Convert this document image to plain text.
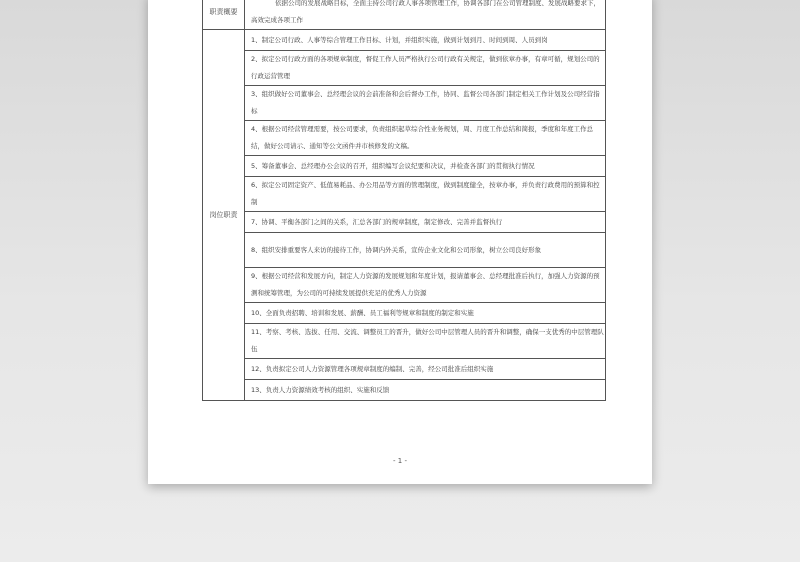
职责概要	依据公司的发展战略目标，全面主持公司行政人事各项管理工作，协调各部门在公司管理制度、发展战略要求下，高效完成各项工作
岗位职责	1、制定公司行政、人事等综合管理工作目标、计划，并组织实施，做到计划到月、时间到周、人员到岗
	2、拟定公司行政方面的各项规章制度，督促工作人员严格执行公司行政有关规定，做到依章办事，有章可循，规划公司的行政运营管理
	3、组织做好公司董事会、总经理会议的会前准备和会后督办工作，协同、监督公司各部门制定相关工作计划及公司经营指标
	4、根据公司经营管理需要，按公司要求，负责组织起草综合性业务规划，周、月度工作总结和简报，季度和年度工作总结，做好公司请示、通知等公文函件并市核修发的文稿。
	5、筹备董事会、总经理办公会议的召开，组织编写会议纪要和决议，并检查各部门的贯彻执行情况
	6、拟定公司固定资产、低值易耗品、办公用品等方面的管理制度，做到制度健全，按章办事，并负责行政费用的预算和控制
	7、协调、平衡各部门之间的关系，汇总各部门的规章制度，制定修改、完善并监督执行
	8、组织安排重要客人来访的接待工作，协调内外关系，宣传企业文化和公司形象，树立公司良好形象
	9、根据公司经营和发展方向，制定人力资源的发展规划和年度计划，报请董事会、总经理批准后执行，加强人力资源的预测和统筹管理，为公司的可持续发展提供充足的优秀人力资源
	10、全面负责招聘、培训和发展、薪酬、员工福利等规章和制度的制定和实施
	11、考察、考核、选拔、任用、交流、调整员工的晋升，做好公司中层管理人员的晋升和调整，确保一支优秀的中层管理队伍
	12、负责拟定公司人力资源管理各项规章制度的编制、完善，经公司批准后组织实施
	13、负责人力资源绩效考核的组织、实施和反馈
- 1 -
